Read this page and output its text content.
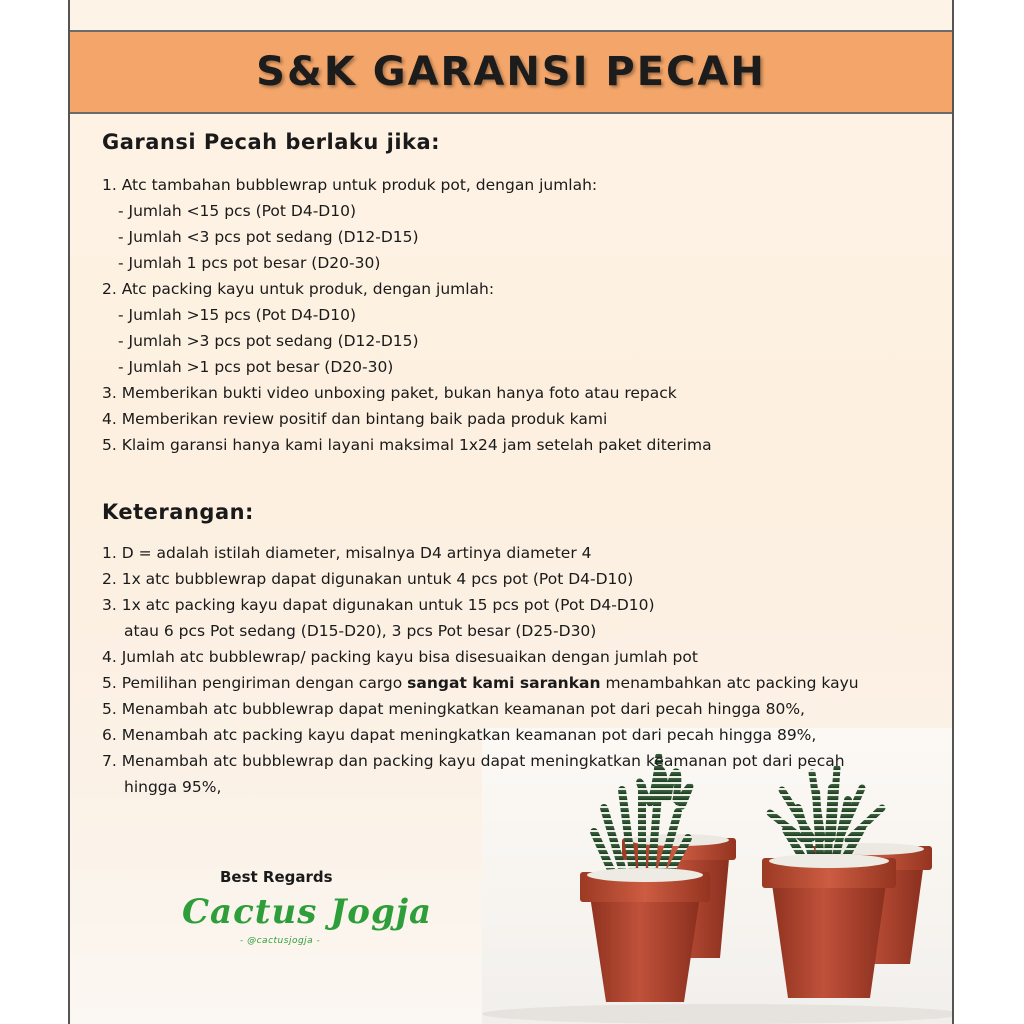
S&K GARANSI PECAH
Garansi Pecah berlaku jika:
1. Atc tambahan bubblewrap untuk produk pot, dengan jumlah:
- Jumlah <15 pcs (Pot D4-D10)
- Jumlah <3 pcs pot sedang (D12-D15)
- Jumlah 1 pcs pot besar (D20-30)
2. Atc packing kayu untuk produk, dengan jumlah:
- Jumlah >15 pcs (Pot D4-D10)
- Jumlah >3 pcs pot sedang (D12-D15)
- Jumlah >1 pcs pot besar (D20-30)
3. Memberikan bukti video unboxing paket, bukan hanya foto atau repack
4. Memberikan review positif dan bintang baik pada produk kami
5. Klaim garansi hanya kami layani maksimal 1x24 jam setelah paket diterima
Keterangan:
1. D = adalah istilah diameter, misalnya D4 artinya diameter 4
2. 1x atc bubblewrap dapat digunakan untuk 4 pcs pot (Pot D4-D10)
3. 1x atc packing kayu dapat digunakan untuk 15 pcs pot (Pot D4-D10)
atau 6 pcs Pot sedang (D15-D20), 3 pcs Pot besar (D25-D30)
4. Jumlah atc bubblewrap/ packing kayu bisa disesuaikan dengan jumlah pot
5. Pemilihan pengiriman dengan cargo sangat kami sarankan menambahkan atc packing kayu
5. Menambah atc bubblewrap dapat meningkatkan keamanan pot dari pecah hingga 80%,
6. Menambah atc packing kayu dapat meningkatkan keamanan pot dari pecah hingga 89%,
7. Menambah atc bubblewrap dan packing kayu dapat meningkatkan keamanan pot dari pecah
hingga 95%,
Best Regards
Cactus Jogja
- @cactusjogja -
